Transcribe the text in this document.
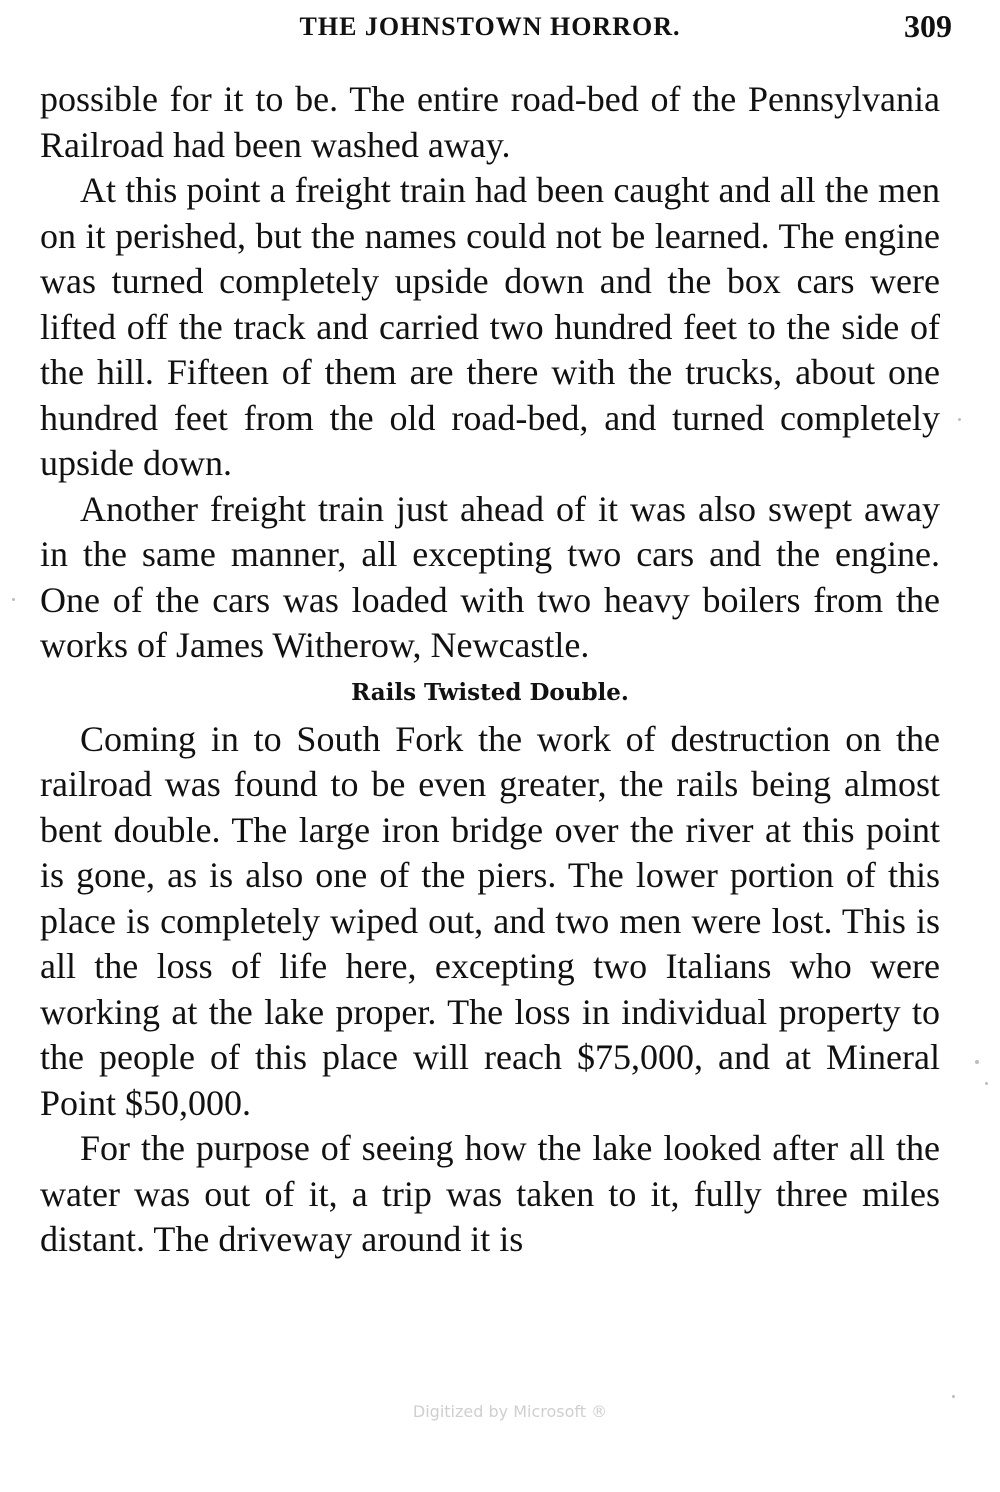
THE JOHNSTOWN HORROR.	309

possible for it to be. The entire road-bed of the Pennsylvania Railroad had been washed away.

At this point a freight train had been caught and all the men on it perished, but the names could not be learned. The engine was turned completely upside down and the box cars were lifted off the track and carried two hundred feet to the side of the hill. Fifteen of them are there with the trucks, about one hundred feet from the old road-bed, and turned completely upside down.

Another freight train just ahead of it was also swept away in the same manner, all excepting two cars and the engine. One of the cars was loaded with two heavy boilers from the works of James Witherow, Newcastle.

Rails Twisted Double.

Coming in to South Fork the work of destruction on the railroad was found to be even greater, the rails being almost bent double. The large iron bridge over the river at this point is gone, as is also one of the piers. The lower portion of this place is completely wiped out, and two men were lost. This is all the loss of life here, excepting two Italians who were working at the lake proper. The loss in individual property to the people of this place will reach $75,000, and at Mineral Point $50,000.

For the purpose of seeing how the lake looked after all the water was out of it, a trip was taken to it, fully three miles distant. The driveway around it is

Digitized by Microsoft ®
